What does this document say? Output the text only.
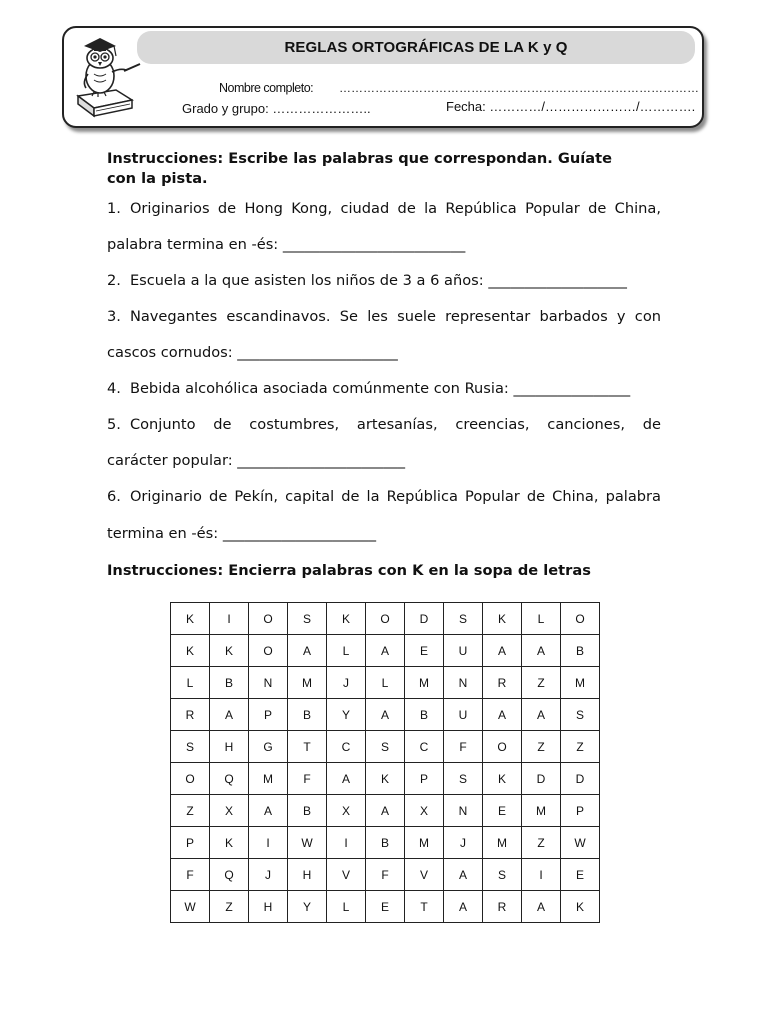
REGLAS ORTOGRÁFICAS DE LA K y Q
Nombre completo: ………………………………………………………………………………
Grado y grupo: …………………..	Fecha: …………/…………………/………….
Instrucciones: Escribe las palabras que correspondan. Guíate con la pista.
1. Originarios de Hong Kong, ciudad de la República Popular de China,
palabra termina en -és: _________________________
2. Escuela a la que asisten los niños de 3 a 6 años: ___________________
3. Navegantes escandinavos. Se les suele representar barbados y con
cascos cornudos: ______________________
4. Bebida alcohólica asociada comúnmente con Rusia: ________________
5. Conjunto de costumbres, artesanías, creencias, canciones, de
carácter popular: _______________________
6. Originario de Pekín, capital de la República Popular de China, palabra
termina en -és: _____________________
Instrucciones: Encierra palabras con K en la sopa de letras
K	I	O	S	K	O	D	S	K	L	O
K	K	O	A	L	A	E	U	A	A	B
L	B	N	M	J	L	M	N	R	Z	M
R	A	P	B	Y	A	B	U	A	A	S
S	H	G	T	C	S	C	F	O	Z	Z
O	Q	M	F	A	K	P	S	K	D	D
Z	X	A	B	X	A	X	N	E	M	P
P	K	I	W	I	B	M	J	M	Z	W
F	Q	J	H	V	F	V	A	S	I	E
W	Z	H	Y	L	E	T	A	R	A	K
